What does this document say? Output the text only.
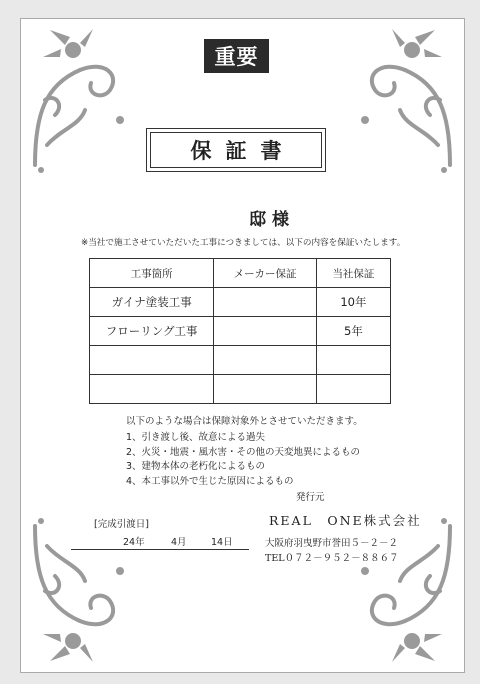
重要
保証書
邸様
※当社で施工させていただいた工事につきましては、以下の内容を保証いたします。
工事箇所	メーカー保証	当社保証
ガイナ塗装工事		10年
フローリング工事		5年

以下のような場合は保障対象外とさせていただきます。
1、引き渡し後、故意による過失
2、火災・地震・風水害・その他の天変地異によるもの
3、建物本体の老朽化によるもの
4、本工事以外で生じた原因によるもの
発行元
[完成引渡日]	REAL　ONE株式会社
24年	4月	14日	大阪府羽曳野市誉田５－２－２
TEL０７２－９５２－８８６７
